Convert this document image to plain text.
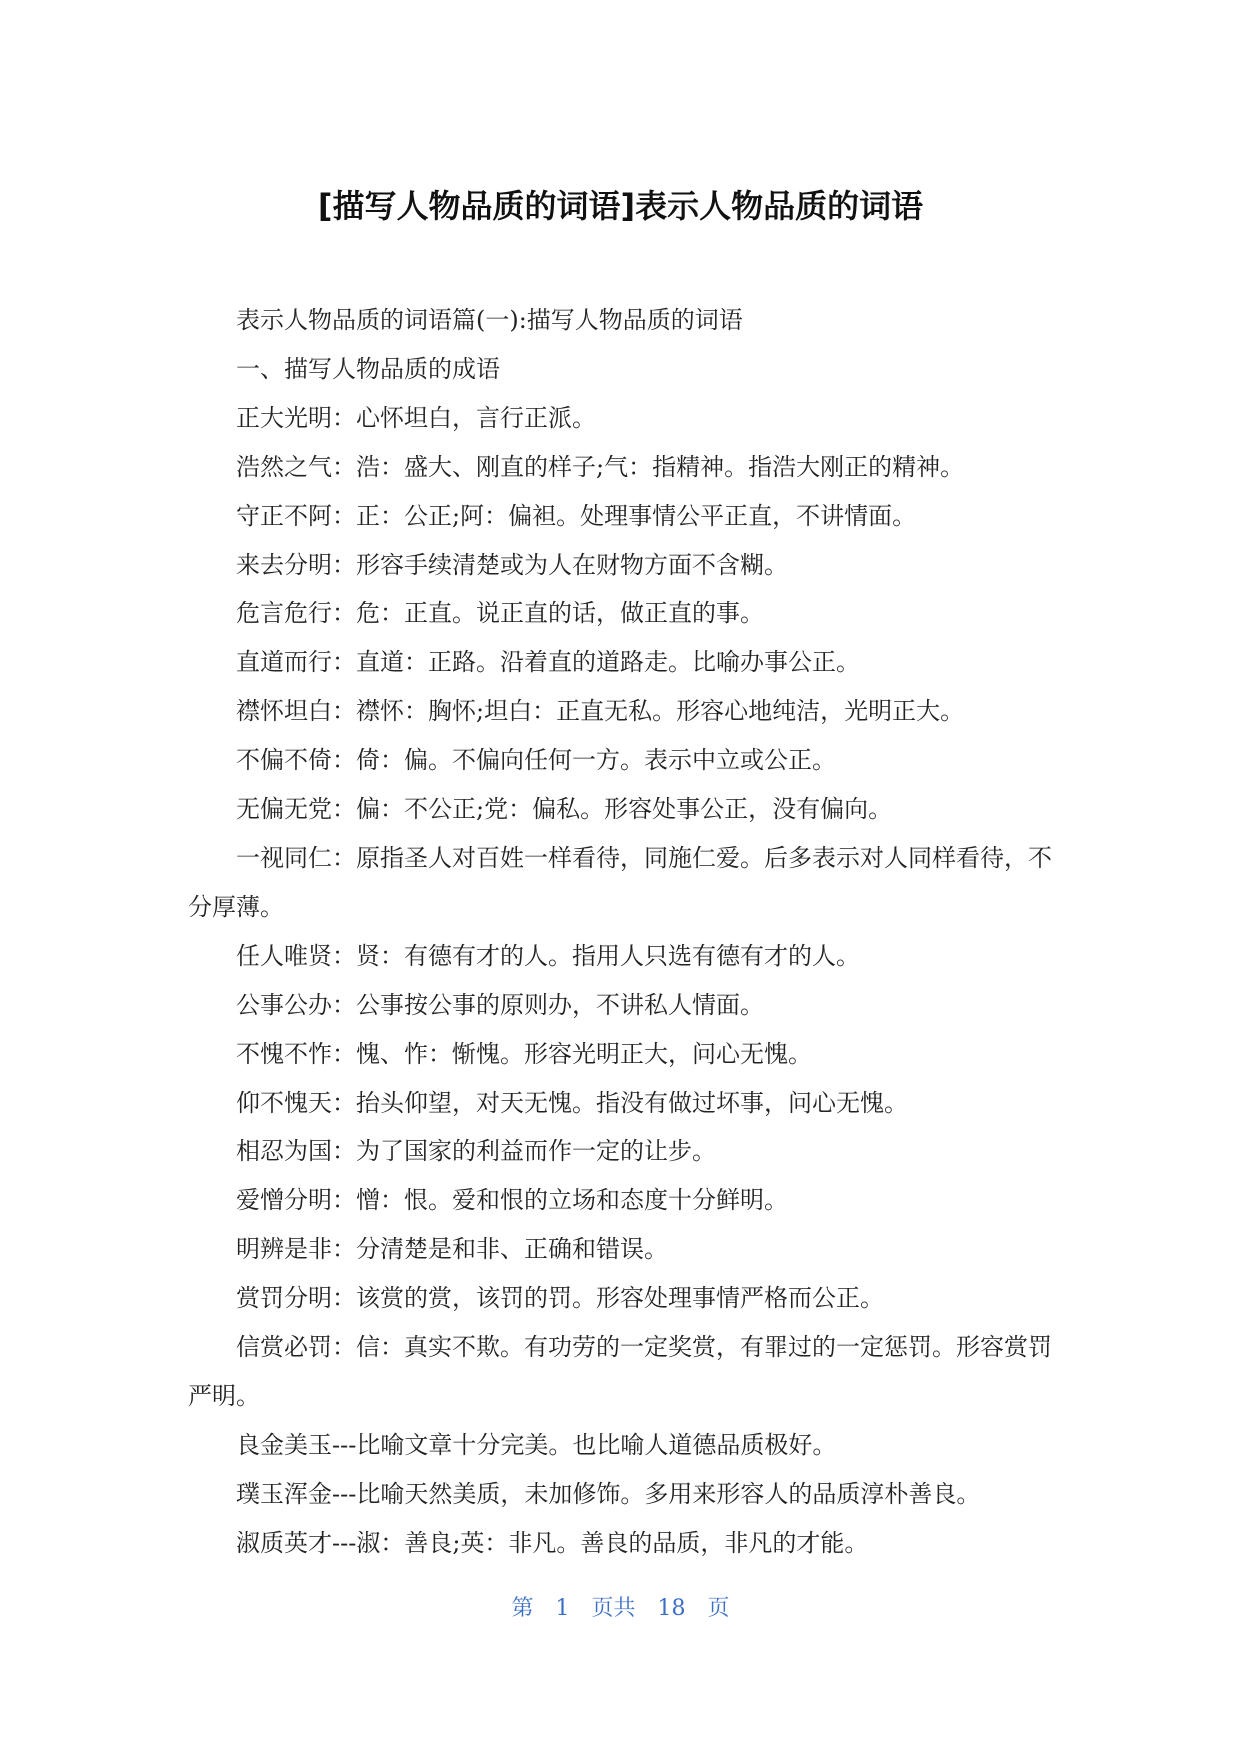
[描写人物品质的词语]表示人物品质的词语

表示人物品质的词语篇(一):描写人物品质的词语

一、描写人物品质的成语

正大光明：心怀坦白，言行正派。

浩然之气：浩：盛大、刚直的样子;气：指精神。指浩大刚正的精神。

守正不阿：正：公正;阿：偏袒。处理事情公平正直，不讲情面。

来去分明：形容手续清楚或为人在财物方面不含糊。

危言危行：危：正直。说正直的话，做正直的事。

直道而行：直道：正路。沿着直的道路走。比喻办事公正。

襟怀坦白：襟怀：胸怀;坦白：正直无私。形容心地纯洁，光明正大。

不偏不倚：倚：偏。不偏向任何一方。表示中立或公正。

无偏无党：偏：不公正;党：偏私。形容处事公正，没有偏向。

一视同仁：原指圣人对百姓一样看待，同施仁爱。后多表示对人同样看待，不分厚薄。

任人唯贤：贤：有德有才的人。指用人只选有德有才的人。

公事公办：公事按公事的原则办，不讲私人情面。

不愧不怍：愧、怍：惭愧。形容光明正大，问心无愧。

仰不愧天：抬头仰望，对天无愧。指没有做过坏事，问心无愧。

相忍为国：为了国家的利益而作一定的让步。

爱憎分明：憎：恨。爱和恨的立场和态度十分鲜明。

明辨是非：分清楚是和非、正确和错误。

赏罚分明：该赏的赏，该罚的罚。形容处理事情严格而公正。

信赏必罚：信：真实不欺。有功劳的一定奖赏，有罪过的一定惩罚。形容赏罚严明。

良金美玉---比喻文章十分完美。也比喻人道德品质极好。

璞玉浑金---比喻天然美质，未加修饰。多用来形容人的品质淳朴善良。

淑质英才---淑：善良;英：非凡。善良的品质，非凡的才能。

第 1 页共 18 页
